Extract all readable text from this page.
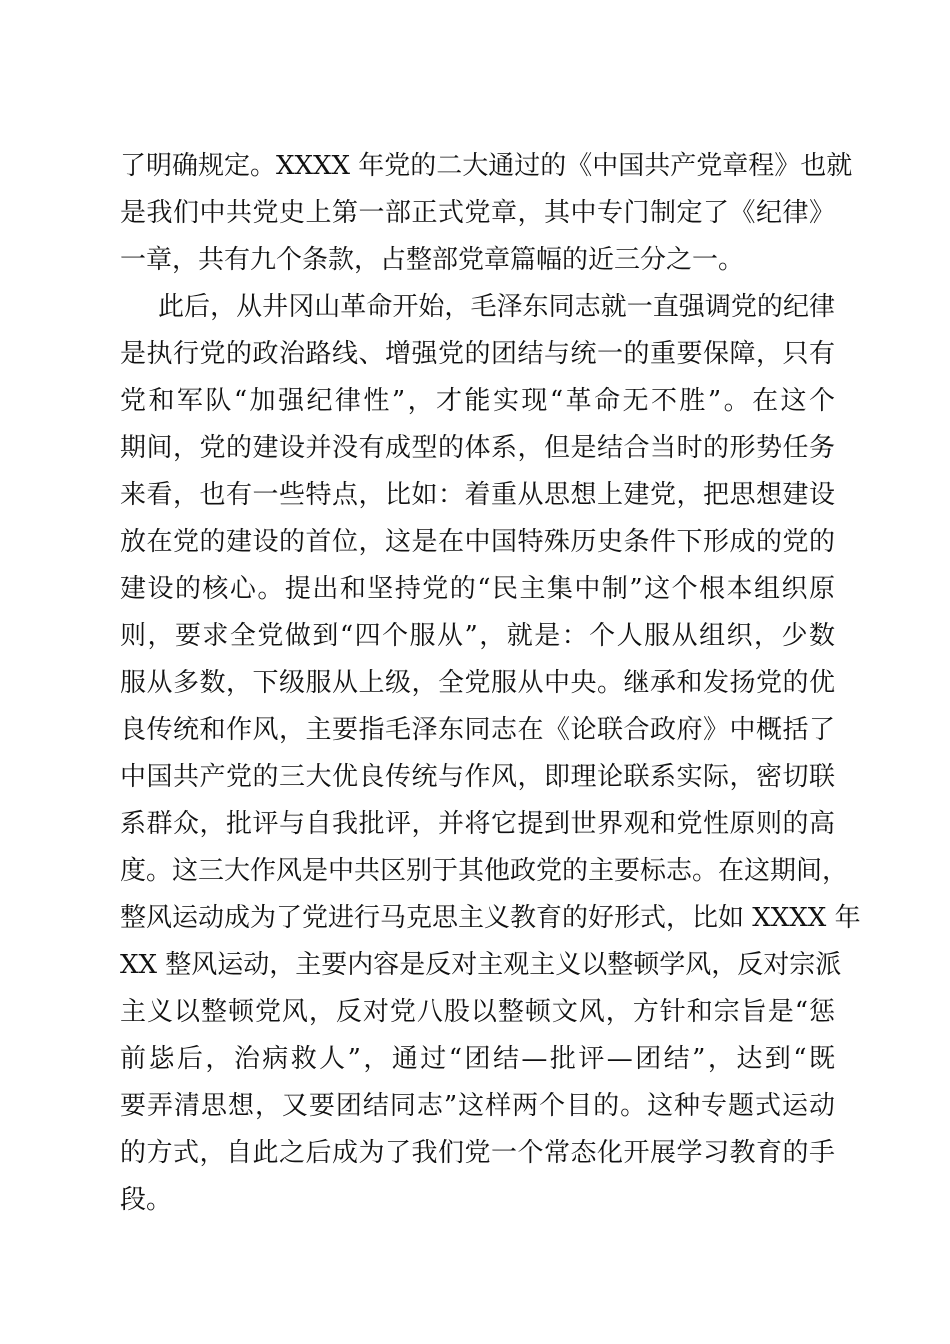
了明确规定。XXXX 年党的二大通过的《中国共产党章程》也就
是我们中共党史上第一部正式党章，其中专门制定了《纪律》
一章，共有九个条款，占整部党章篇幅的近三分之一。
此后，从井冈山革命开始，毛泽东同志就一直强调党的纪律
是执行党的政治路线、增强党的团结与统一的重要保障，只有
党和军队“加强纪律性”，才能实现“革命无不胜”。在这个
期间，党的建设并没有成型的体系，但是结合当时的形势任务
来看，也有一些特点，比如：着重从思想上建党，把思想建设
放在党的建设的首位，这是在中国特殊历史条件下形成的党的
建设的核心。提出和坚持党的“民主集中制”这个根本组织原
则，要求全党做到“四个服从”，就是：个人服从组织，少数
服从多数，下级服从上级，全党服从中央。继承和发扬党的优
良传统和作风，主要指毛泽东同志在《论联合政府》中概括了
中国共产党的三大优良传统与作风，即理论联系实际，密切联
系群众，批评与自我批评，并将它提到世界观和党性原则的高
度。这三大作风是中共区别于其他政党的主要标志。在这期间，
整风运动成为了党进行马克思主义教育的好形式，比如 XXXX 年
XX 整风运动，主要内容是反对主观主义以整顿学风，反对宗派
主义以整顿党风，反对党八股以整顿文风，方针和宗旨是“惩
前毖后，治病救人”，通过“团结—批评—团结”，达到“既
要弄清思想，又要团结同志”这样两个目的。这种专题式运动
的方式，自此之后成为了我们党一个常态化开展学习教育的手
段。
